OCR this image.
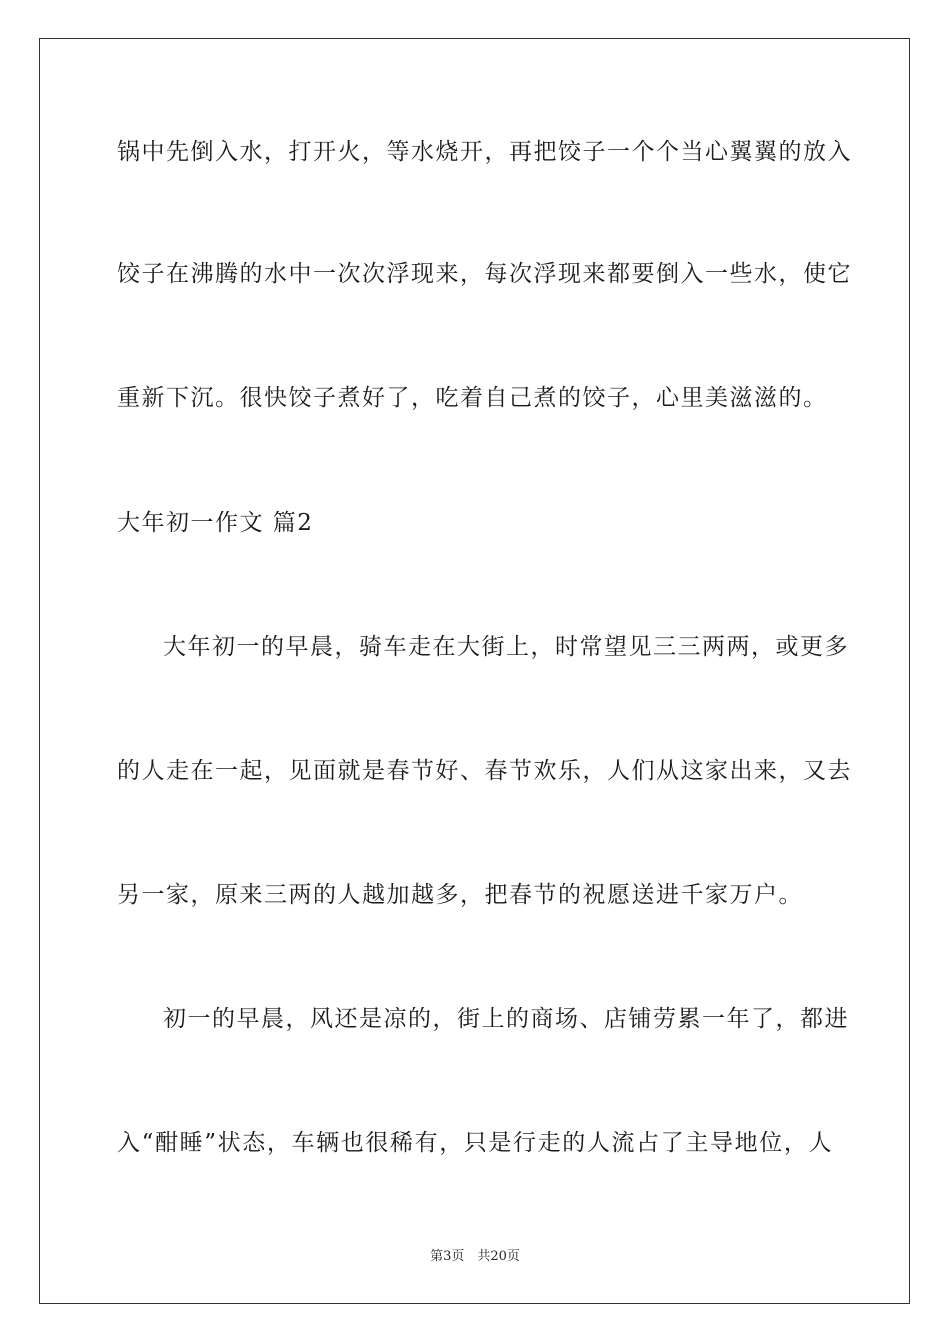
锅中先倒入水，打开火，等水烧开，再把饺子一个个当心翼翼的放入
饺子在沸腾的水中一次次浮现来，每次浮现来都要倒入一些水，使它
重新下沉。很快饺子煮好了，吃着自己煮的饺子，心里美滋滋的。
大年初一作文 篇2
大年初一的早晨，骑车走在大街上，时常望见三三两两，或更多
的人走在一起，见面就是春节好、春节欢乐，人们从这家出来，又去
另一家，原来三两的人越加越多，把春节的祝愿送进千家万户。
初一的早晨，风还是凉的，街上的商场、店铺劳累一年了，都进
入“酣睡”状态，车辆也很稀有，只是行走的人流占了主导地位，人
第3页　共20页
